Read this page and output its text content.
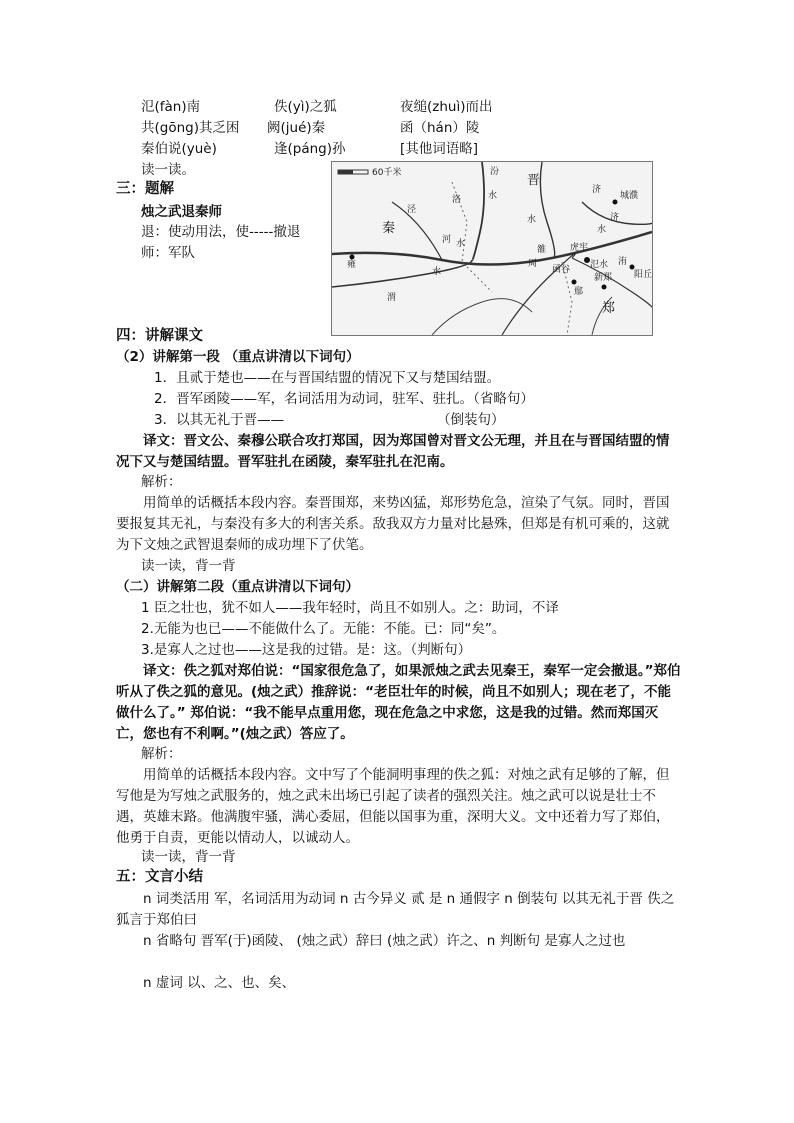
氾(fàn)南	佚(yì)之狐	夜缒(zhuì)而出
共(gōng)其乏困 阙(jué)秦	函（hán）陵
秦伯说(yuè)	逢(páng)孙	[其他词语略]
读一读。
三：题解
烛之武退秦师
退：使动用法，使-----撤退
师：军队
60千米	晋
秦
郑
汾
水
洛
河 水
水
渭
雍
水
济
济
水
城濮
函谷
鄢
新郑 阳丘
虎牢
雒
周	氾水 洧
泾
四：讲解课文
（2）讲解第一段 （重点讲清以下词句）
1．且贰于楚也——在与晋国结盟的情况下又与楚国结盟。
2．晋军函陵——军，名词活用为动词，驻军、驻扎。（省略句）
3．以其无礼于晋——	（倒装句）
译文：晋文公、秦穆公联合攻打郑国，因为郑国曾对晋文公无理，并且在与晋国结盟的情况下又与楚国结盟。晋军驻扎在函陵，秦军驻扎在氾南。
解析：
用简单的话概括本段内容。秦晋围郑，来势凶猛，郑形势危急，渲染了气氛。同时，晋国要报复其无礼，与秦没有多大的利害关系。敌我双方力量对比悬殊，但郑是有机可乘的，这就为下文烛之武智退秦师的成功埋下了伏笔。
读一读，背一背
（二）讲解第二段（重点讲清以下词句）
1 臣之壮也，犹不如人——我年轻时，尚且不如别人。之：助词，不译
2.无能为也已——不能做什么了。无能：不能。已：同“矣”。
3.是寡人之过也——这是我的过错。是：这。（判断句）
译文：佚之狐对郑伯说：“国家很危急了，如果派烛之武去见秦王，秦军一定会撤退。”郑伯听从了佚之狐的意见。(烛之武）推辞说：“老臣壮年的时候，尚且不如别人；现在老了，不能做什么了。” 郑伯说：“我不能早点重用您，现在危急之中求您，这是我的过错。然而郑国灭亡，您也有不利啊。”(烛之武）答应了。
解析：
用简单的话概括本段内容。文中写了个能洞明事理的佚之狐：对烛之武有足够的了解，但写他是为写烛之武服务的，烛之武未出场已引起了读者的强烈关注。烛之武可以说是壮士不遇，英雄末路。他满腹牢骚，满心委屈，但能以国事为重，深明大义。文中还着力写了郑伯，他勇于自责，更能以情动人，以诚动人。
读一读，背一背
五：文言小结
n 词类活用 军，名词活用为动词 n 古今异义 贰 是 n 通假字 n 倒装句 以其无礼于晋 佚之狐言于郑伯曰
n 省略句 晋军(于)函陵、 (烛之武）辞曰 (烛之武）许之、n 判断句 是寡人之过也
n 虚词 以、之、也、矣、
